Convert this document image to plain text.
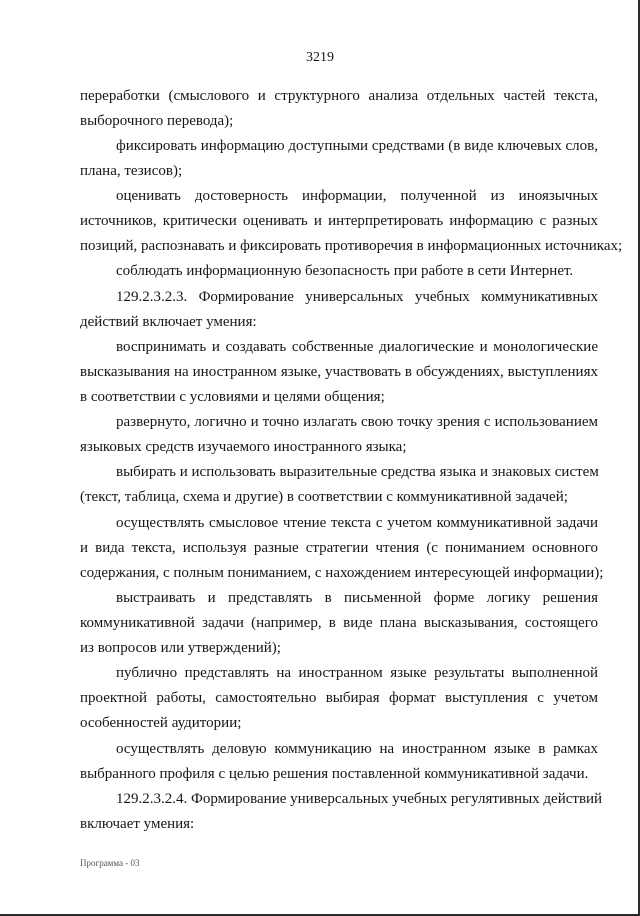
3219
переработки (смыслового и структурного анализа отдельных частей текста,
выборочного перевода);
фиксировать информацию доступными средствами (в виде ключевых слов,
плана, тезисов);
оценивать достоверность информации, полученной из иноязычных
источников, критически оценивать и интерпретировать информацию с разных
позиций, распознавать и фиксировать противоречия в информационных источниках;
соблюдать информационную безопасность при работе в сети Интернет.
129.2.3.2.3. Формирование универсальных учебных коммуникативных
действий включает умения:
воспринимать и создавать собственные диалогические и монологические
высказывания на иностранном языке, участвовать в обсуждениях, выступлениях
в соответствии с условиями и целями общения;
развернуто, логично и точно излагать свою точку зрения с использованием
языковых средств изучаемого иностранного языка;
выбирать и использовать выразительные средства языка и знаковых систем
(текст, таблица, схема и другие) в соответствии с коммуникативной задачей;
осуществлять смысловое чтение текста с учетом коммуникативной задачи
и вида текста, используя разные стратегии чтения (с пониманием основного
содержания, с полным пониманием, с нахождением интересующей информации);
выстраивать и представлять в письменной форме логику решения
коммуникативной задачи (например, в виде плана высказывания, состоящего
из вопросов или утверждений);
публично представлять на иностранном языке результаты выполненной
проектной работы, самостоятельно выбирая формат выступления с учетом
особенностей аудитории;
осуществлять деловую коммуникацию на иностранном языке в рамках
выбранного профиля с целью решения поставленной коммуникативной задачи.
129.2.3.2.4. Формирование универсальных учебных регулятивных действий
включает умения:
Программа - 03
